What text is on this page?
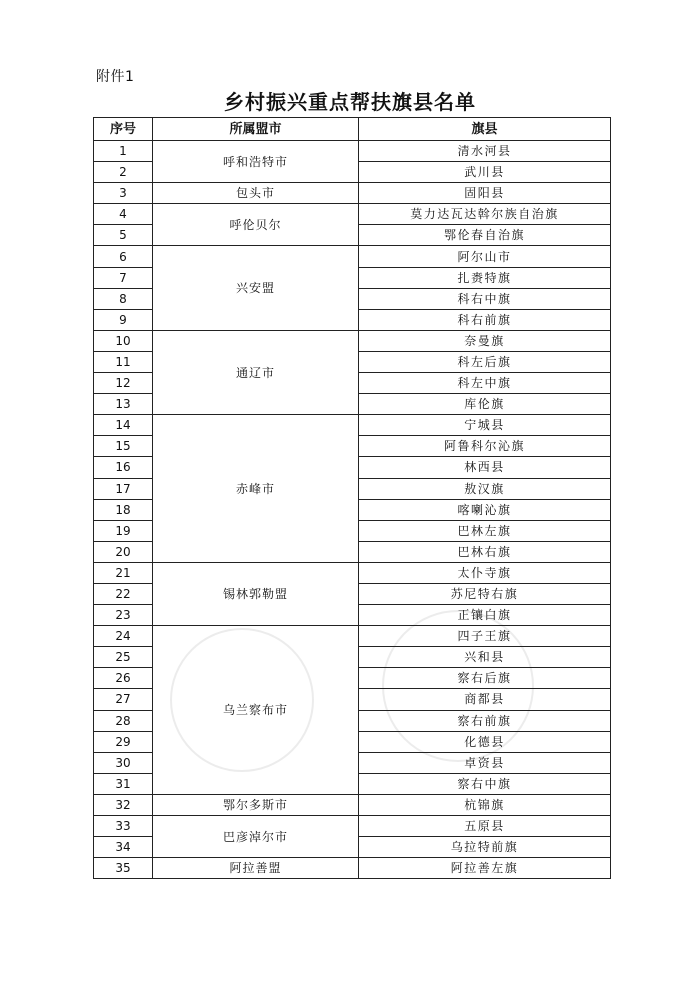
附件1
乡村振兴重点帮扶旗县名单
序号	所属盟市	旗县
1	呼和浩特市	清水河县
2		武川县
3	包头市	固阳县
4	呼伦贝尔	莫力达瓦达斡尔族自治旗
5		鄂伦春自治旗
6	兴安盟	阿尔山市
7		扎赉特旗
8		科右中旗
9		科右前旗
10	通辽市	奈曼旗
11		科左后旗
12		科左中旗
13		库伦旗
14	赤峰市	宁城县
15		阿鲁科尔沁旗
16		林西县
17		敖汉旗
18		喀喇沁旗
19		巴林左旗
20		巴林右旗
21	锡林郭勒盟	太仆寺旗
22		苏尼特右旗
23		正镶白旗
24	乌兰察布市	四子王旗
25		兴和县
26		察右后旗
27		商都县
28		察右前旗
29		化德县
30		卓资县
31		察右中旗
32	鄂尔多斯市	杭锦旗
33	巴彦淖尔市	五原县
34		乌拉特前旗
35	阿拉善盟	阿拉善左旗
